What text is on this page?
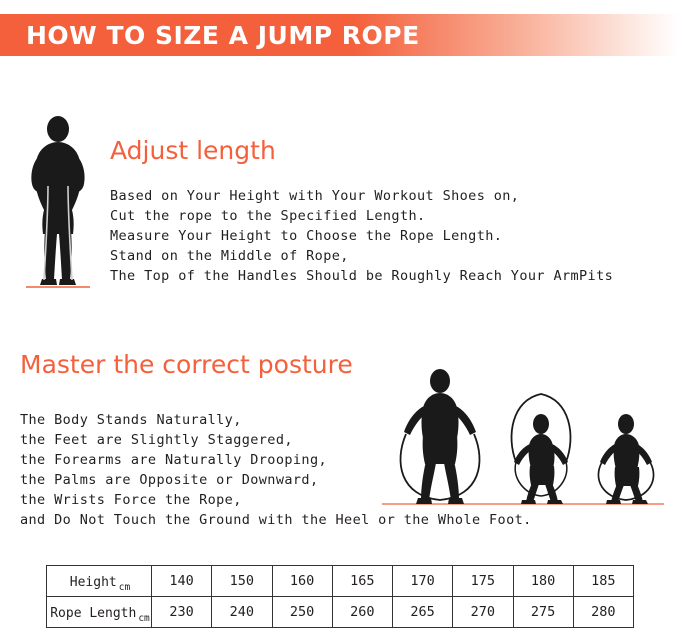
HOW TO SIZE A JUMP ROPE
Adjust length
Based on Your Height with Your Workout Shoes on,
Cut the rope to the Specified Length.
Measure Your Height to Choose the Rope Length.
Stand on the Middle of Rope,
The Top of the Handles Should be Roughly Reach Your ArmPits
Master the correct posture
The Body Stands Naturally,
the Feet are Slightly Staggered,
the Forearms are Naturally Drooping,
the Palms are Opposite or Downward,
the Wrists Force the Rope,
and Do Not Touch the Ground with the Heel or the Whole Foot.
Height $_{cm}$	140	150	160	165	170	175	180	185

Rope Length $_{cm}$	230	240	250	260	265	270	275	280
